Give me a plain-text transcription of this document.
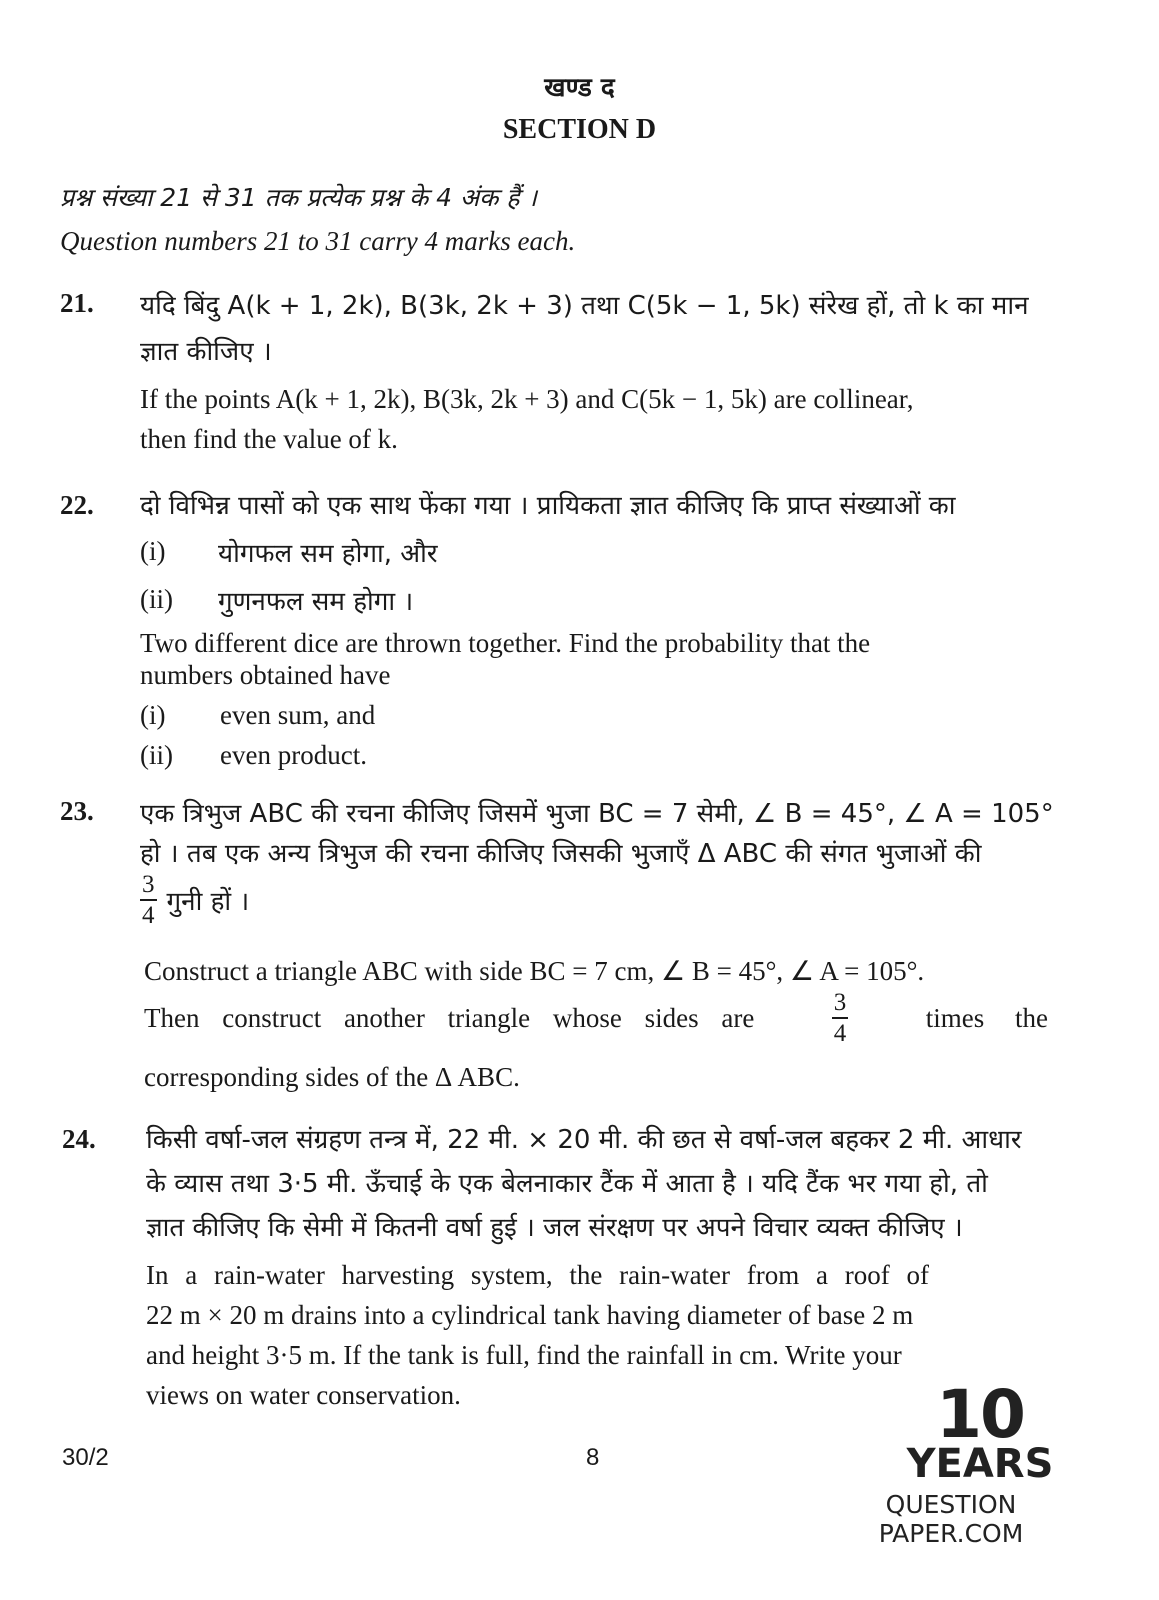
खण्ड द
SECTION D
प्रश्न संख्या 21 से 31 तक प्रत्येक प्रश्न के 4 अंक हैं ।
Question numbers 21 to 31 carry 4 marks each.
21. यदि बिंदु A(k + 1, 2k), B(3k, 2k + 3) तथा C(5k − 1, 5k) संरेख हों, तो k का मान
ज्ञात कीजिए ।
If the points A(k + 1, 2k), B(3k, 2k + 3) and C(5k − 1, 5k) are collinear,
then find the value of k.
22. दो विभिन्न पासों को एक साथ फेंका गया । प्रायिकता ज्ञात कीजिए कि प्राप्त संख्याओं का
(i) योगफल सम होगा, और
(ii) गुणनफल सम होगा ।
Two different dice are thrown together. Find the probability that the
numbers obtained have
(i) even sum, and
(ii) even product.
23. एक त्रिभुज ABC की रचना कीजिए जिसमें भुजा BC = 7 सेमी, ∠ B = 45°, ∠ A = 105°
हो । तब एक अन्य त्रिभुज की रचना कीजिए जिसकी भुजाएँ Δ ABC की संगत भुजाओं की
$\frac{3}{4}$ गुनी हों ।
Construct a triangle ABC with side BC = 7 cm, ∠ B = 45°, ∠ A = 105°.
Then construct another triangle whose sides are	$\frac{3}{4}$	times the
corresponding sides of the Δ ABC.
24. किसी वर्षा-जल संग्रहण तन्त्र में, 22 मी. × 20 मी. की छत से वर्षा-जल बहकर 2 मी. आधार
के व्यास तथा 3·5 मी. ऊँचाई के एक बेलनाकार टैंक में आता है । यदि टैंक भर गया हो, तो
ज्ञात कीजिए कि सेमी में कितनी वर्षा हुई । जल संरक्षण पर अपने विचार व्यक्त कीजिए ।
In a rain-water harvesting system, the rain-water from a roof of
22 m × 20 m drains into a cylindrical tank having diameter of base 2 m
and height 3·5 m. If the tank is full, find the rainfall in cm. Write your
views on water conservation.
30/2	8
10
YEARS
QUESTION PAPER.COM
